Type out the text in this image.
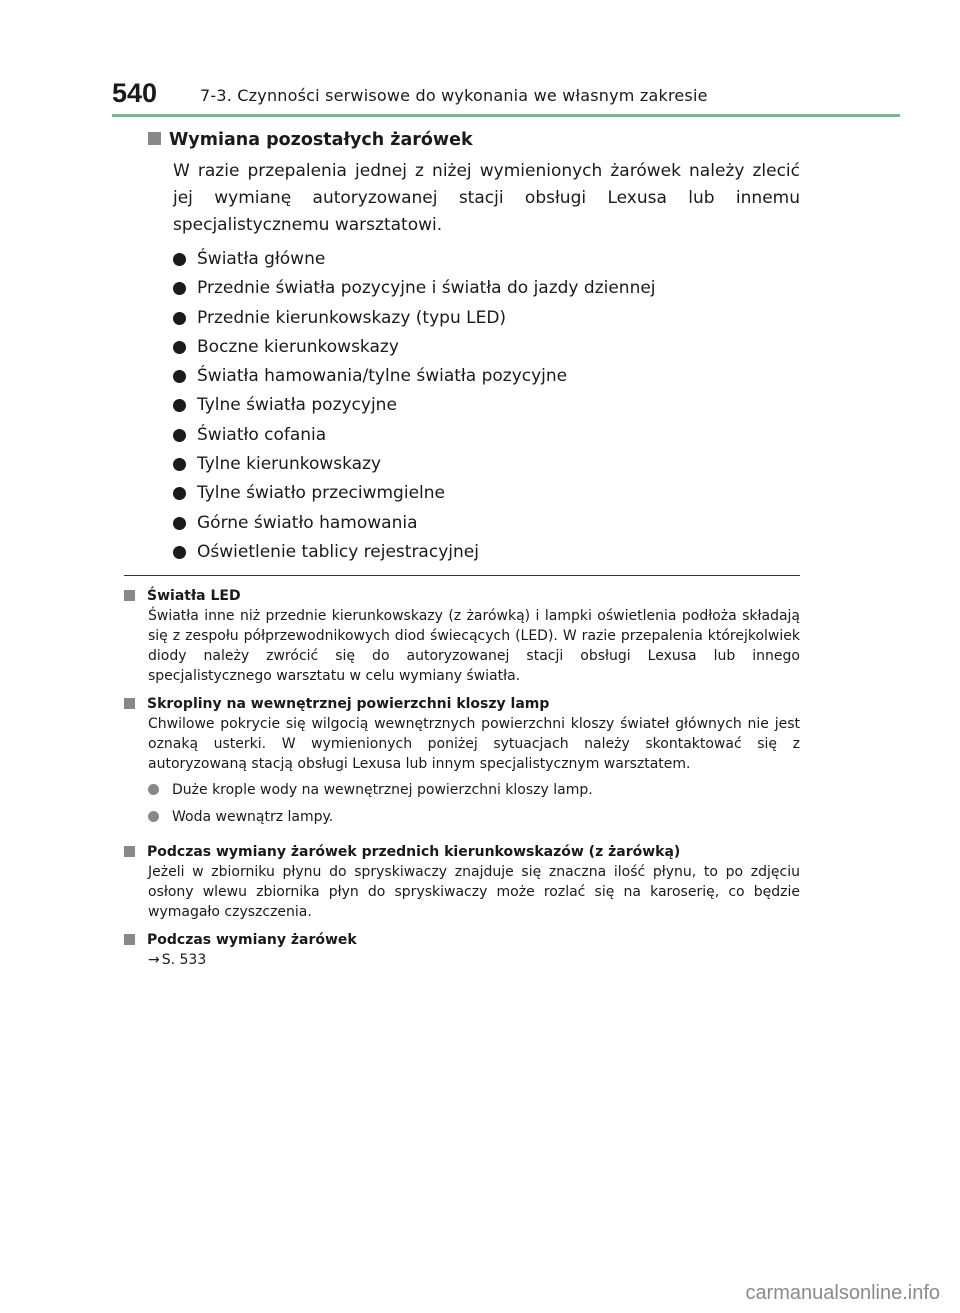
540	7-3. Czynności serwisowe do wykonania we własnym zakresie
Wymiana pozostałych żarówek
W razie przepalenia jednej z niżej wymienionych żarówek należy zlecić jej wymianę autoryzowanej stacji obsługi Lexusa lub innemu specjalistycznemu warsztatowi.
Światła główne
Przednie światła pozycyjne i światła do jazdy dziennej
Przednie kierunkowskazy (typu LED)
Boczne kierunkowskazy
Światła hamowania/tylne światła pozycyjne
Tylne światła pozycyjne
Światło cofania
Tylne kierunkowskazy
Tylne światło przeciwmgielne
Górne światło hamowania
Oświetlenie tablicy rejestracyjnej
Światła LED
Światła inne niż przednie kierunkowskazy (z żarówką) i lampki oświetlenia podłoża składają się z zespołu półprzewodnikowych diod świecących (LED). W razie przepalenia którejkolwiek diody należy zwrócić się do autoryzowanej stacji obsługi Lexusa lub innego specjalistycznego warsztatu w celu wymiany światła.
Skropliny na wewnętrznej powierzchni kloszy lamp
Chwilowe pokrycie się wilgocią wewnętrznych powierzchni kloszy świateł głównych nie jest oznaką usterki. W wymienionych poniżej sytuacjach należy skontaktować się z autoryzowaną stacją obsługi Lexusa lub innym specjalistycznym warsztatem.
Duże krople wody na wewnętrznej powierzchni kloszy lamp.
Woda wewnątrz lampy.
Podczas wymiany żarówek przednich kierunkowskazów (z żarówką)
Jeżeli w zbiorniku płynu do spryskiwaczy znajduje się znaczna ilość płynu, to po zdjęciu osłony wlewu zbiornika płyn do spryskiwaczy może rozlać się na karoserię, co będzie wymagało czyszczenia.
Podczas wymiany żarówek
→ S. 533
carmanualsonline.info
